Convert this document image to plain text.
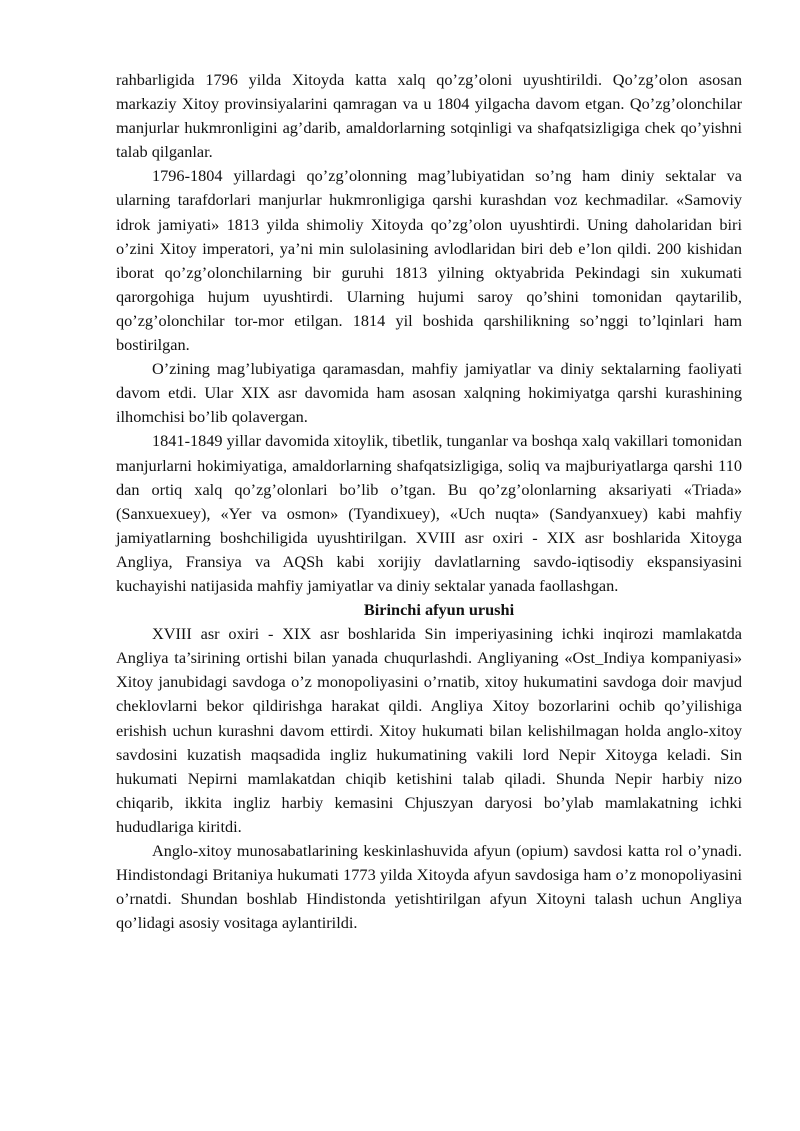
rahbarligida 1796 yilda Xitoyda katta xalq qo’zg’oloni uyushtirildi. Qo’zg’olon asosan markaziy Xitoy provinsiyalarini qamragan va u 1804 yilgacha davom etgan. Qo’zg’olonchilar manjurlar hukmronligini ag’darib, amaldorlarning sotqinligi va shafqatsizligiga chek qo’yishni talab qilganlar.

1796-1804 yillardagi qo’zg’olonning mag’lubiyatidan so’ng ham diniy sektalar va ularning tarafdorlari manjurlar hukmronligiga qarshi kurashdan voz kechmadilar. «Samoviy idrok jamiyati» 1813 yilda shimoliy Xitoyda qo’zg’olon uyushtirdi. Uning daholaridan biri o’zini Xitoy imperatori, ya’ni min sulolasining avlodlaridan biri deb e’lon qildi. 200 kishidan iborat qo’zg’olonchilarning bir guruhi 1813 yilning oktyabrida Pekindagi sin xukumati qarorgohiga hujum uyushtirdi. Ularning hujumi saroy qo’shini tomonidan qaytarilib, qo’zg’olonchilar tor-mor etilgan. 1814 yil boshida qarshilikning so’nggi to’lqinlari ham bostirilgan.

O’zining mag’lubiyatiga qaramasdan, mahfiy jamiyatlar va diniy sektalarning faoliyati davom etdi. Ular XIX asr davomida ham asosan xalqning hokimiyatga qarshi kurashining ilhomchisi bo’lib qolavergan.

1841-1849 yillar davomida xitoylik, tibetlik, tunganlar va boshqa xalq vakillari tomonidan manjurlarni hokimiyatiga, amaldorlarning shafqatsizligiga, soliq va majburiyatlarga qarshi 110 dan ortiq xalq qo’zg’olonlari bo’lib o’tgan. Bu qo’zg’olonlarning aksariyati «Triada» (Sanxuexuey), «Yer va osmon» (Tyandixuey), «Uch nuqta» (Sandyanxuey) kabi mahfiy jamiyatlarning boshchiligida uyushtirilgan. XVIII asr oxiri - XIX asr boshlarida Xitoyga Angliya, Fransiya va AQSh kabi xorijiy davlatlarning savdo-iqtisodiy ekspansiyasini kuchayishi natijasida mahfiy jamiyatlar va diniy sektalar yanada faollashgan.

Birinchi afyun urushi

XVIII asr oxiri - XIX asr boshlarida Sin imperiyasining ichki inqirozi mamlakatda Angliya ta’sirining ortishi bilan yanada chuqurlashdi. Angliyaning «Ost_Indiya kompaniyasi» Xitoy janubidagi savdoga o’z monopoliyasini o’rnatib, xitoy hukumatini savdoga doir mavjud cheklovlarni bekor qildirishga harakat qildi. Angliya Xitoy bozorlarini ochib qo’yilishiga erishish uchun kurashni davom ettirdi. Xitoy hukumati bilan kelishilmagan holda anglo-xitoy savdosini kuzatish maqsadida ingliz hukumatining vakili lord Nepir Xitoyga keladi. Sin hukumati Nepirni mamlakatdan chiqib ketishini talab qiladi. Shunda Nepir harbiy nizo chiqarib, ikkita ingliz harbiy kemasini Chjuszyan daryosi bo’ylab mamlakatning ichki hududlariga kiritdi.

Anglo-xitoy munosabatlarining keskinlashuvida afyun (opium) savdosi katta rol o’ynadi. Hindistondagi Britaniya hukumati 1773 yilda Xitoyda afyun savdosiga ham o’z monopoliyasini o’rnatdi. Shundan boshlab Hindistonda yetishtirilgan afyun Xitoyni talash uchun Angliya qo’lidagi asosiy vositaga aylantirildi.
